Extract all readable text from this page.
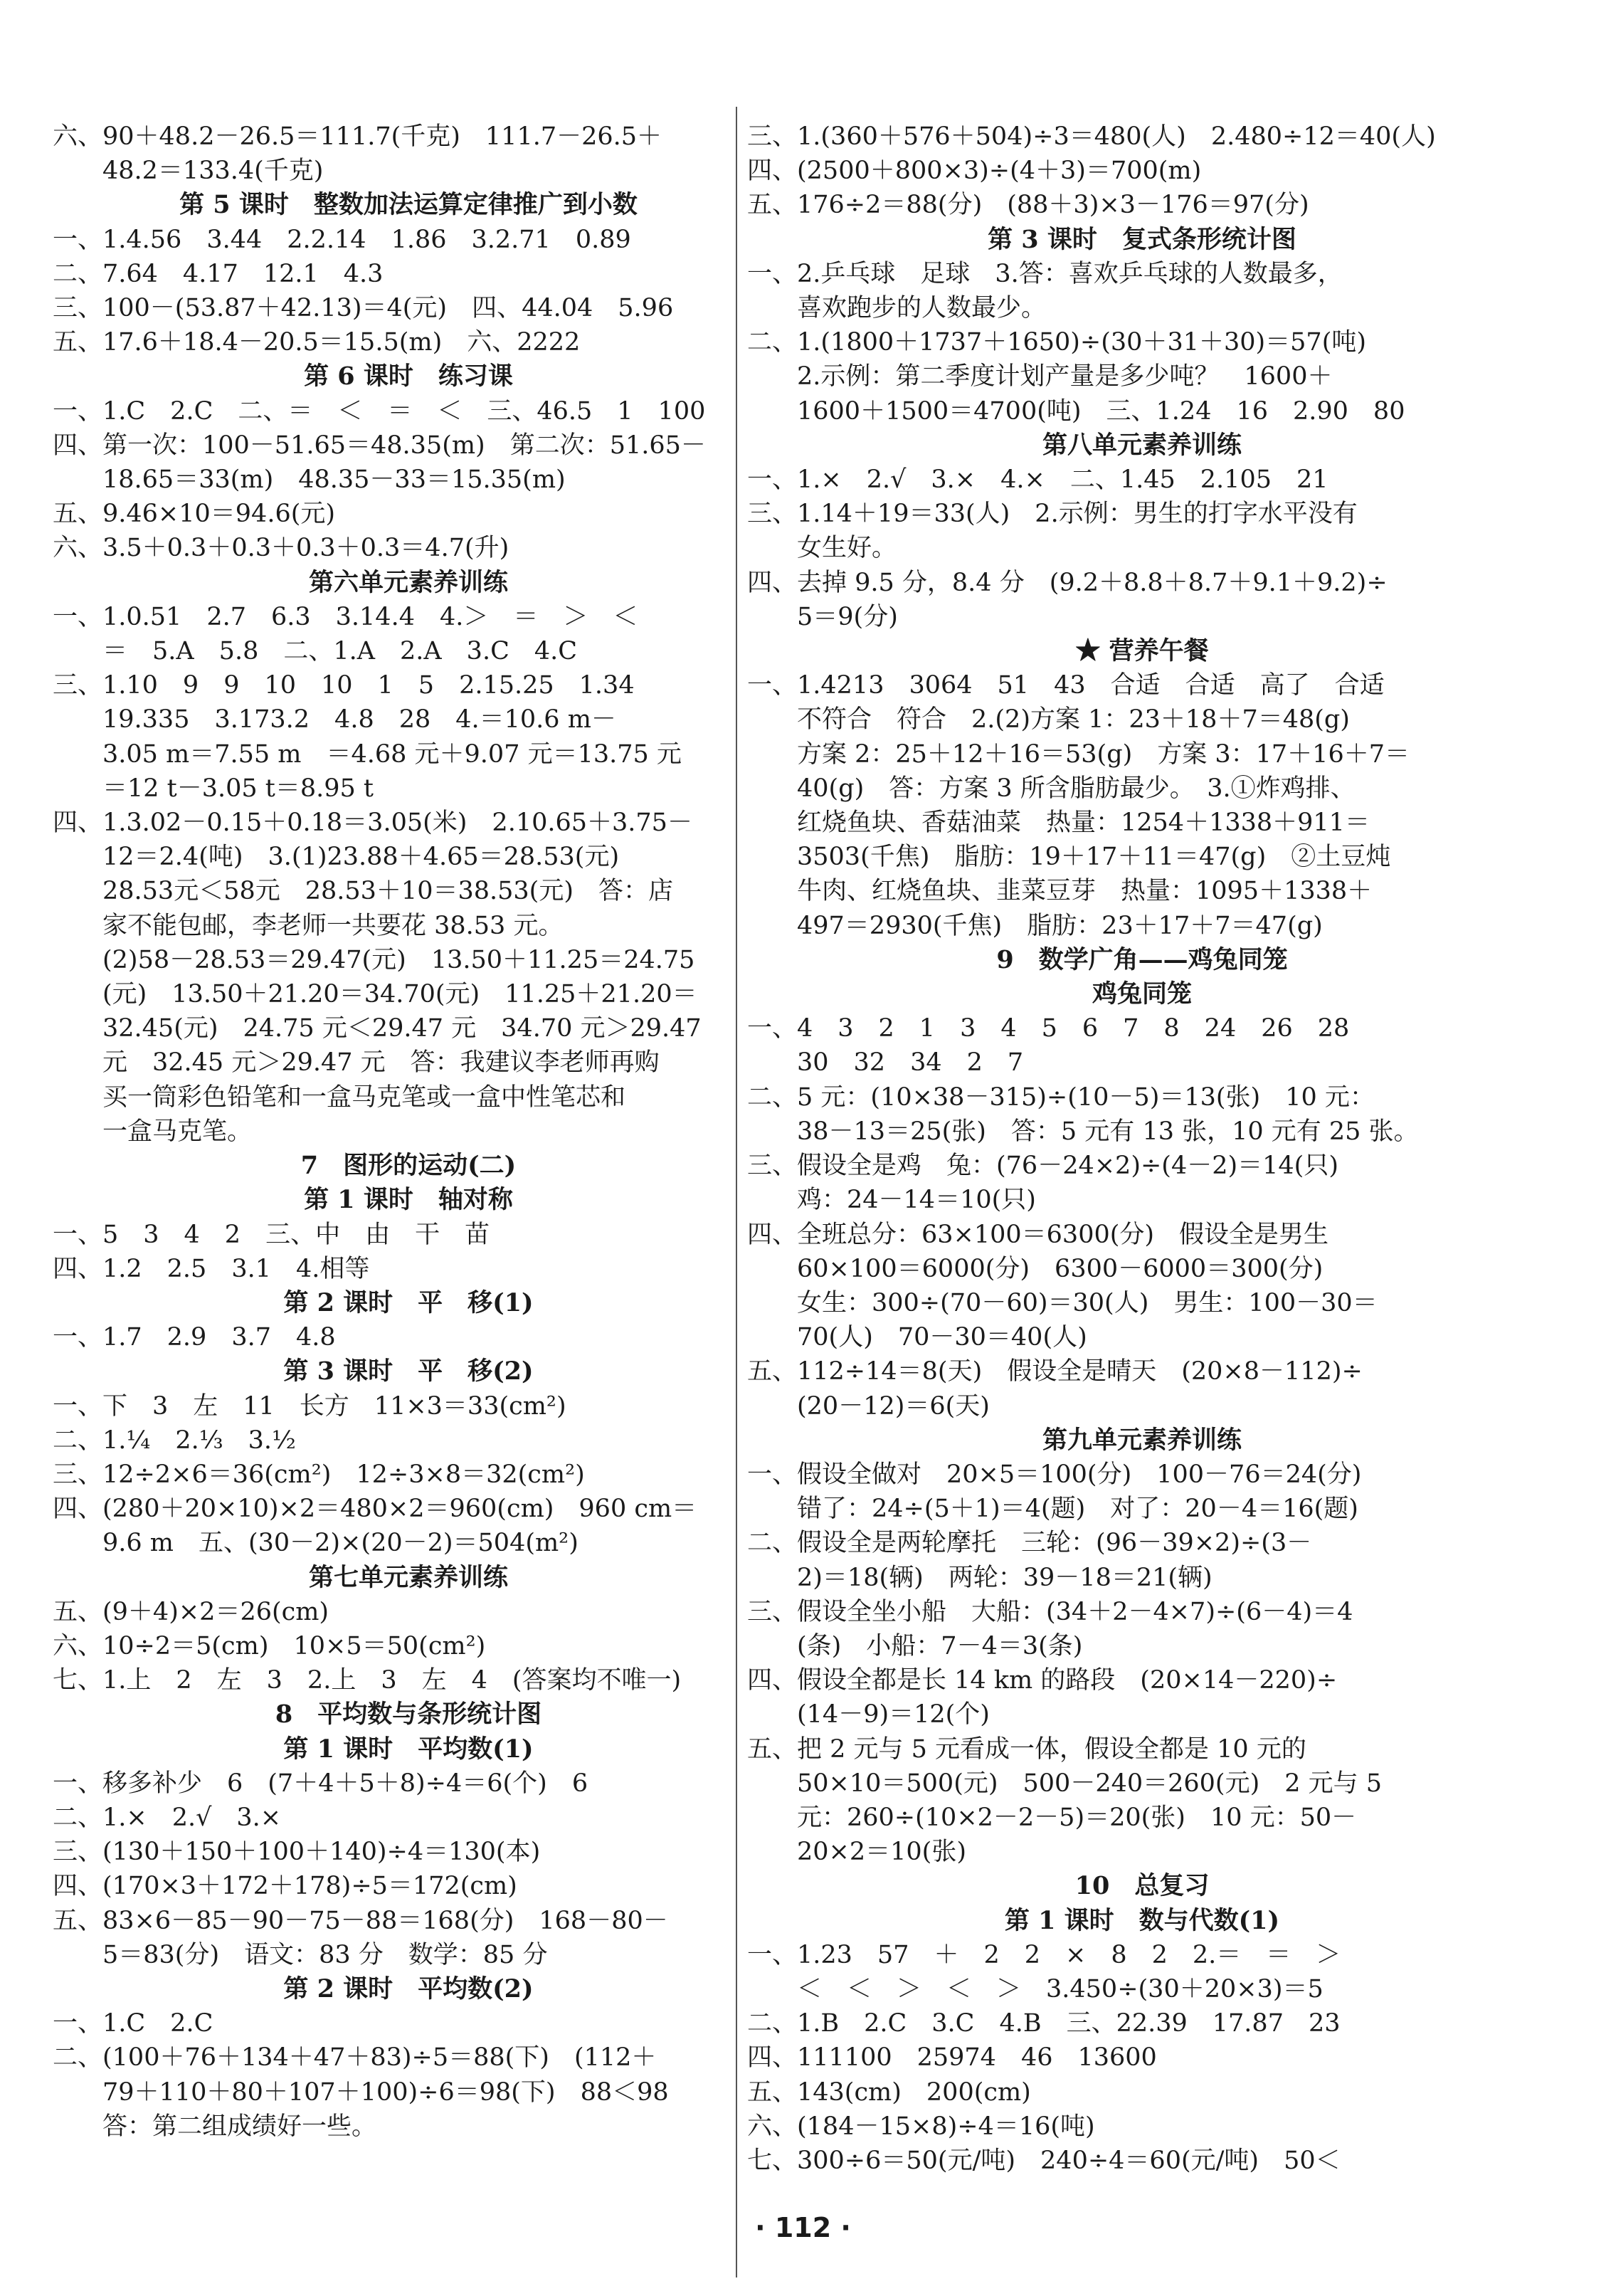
六、90＋48.2－26.5＝111.7(千克)　111.7－26.5＋
48.2＝133.4(千克)
第 5 课时　整数加法运算定律推广到小数
一、1.4.56　3.44　2.2.14　1.86　3.2.71　0.89
二、7.64　4.17　12.1　4.3
三、100－(53.87＋42.13)＝4(元)　四、44.04　5.96
五、17.6＋18.4－20.5＝15.5(m)　六、2222
第 6 课时　练习课
一、1.C　2.C　二、＝　＜　＝　＜　三、46.5　1　100
四、第一次：100－51.65＝48.35(m)　第二次：51.65－
18.65＝33(m)　48.35－33＝15.35(m)
五、9.46×10＝94.6(元)
六、3.5＋0.3＋0.3＋0.3＋0.3＝4.7(升)
第六单元素养训练
一、1.0.51　2.7　6.3　3.14.4　4.＞　＝　＞　＜
＝　5.A　5.8　二、1.A　2.A　3.C　4.C
三、1.10　9　9　10　10　1　5　2.15.25　1.34
19.335　3.173.2　4.8　28　4.＝10.6 m－
3.05 m＝7.55 m　＝4.68 元＋9.07 元＝13.75 元
＝12 t－3.05 t＝8.95 t
四、1.3.02－0.15＋0.18＝3.05(米)　2.10.65＋3.75－
12＝2.4(吨)　3.(1)23.88＋4.65＝28.53(元)
28.53元＜58元　28.53＋10＝38.53(元)　答：店
家不能包邮，李老师一共要花 38.53 元。
(2)58－28.53＝29.47(元)　13.50＋11.25＝24.75
(元)　13.50＋21.20＝34.70(元)　11.25＋21.20＝
32.45(元)　24.75 元＜29.47 元　34.70 元＞29.47
元　32.45 元＞29.47 元　答：我建议李老师再购
买一筒彩色铅笔和一盒马克笔或一盒中性笔芯和
一盒马克笔。
7　图形的运动(二)
第 1 课时　轴对称
一、5　3　4　2　三、中　由　干　苗
四、1.2　2.5　3.1　4.相等
第 2 课时　平　移(1)
一、1.7　2.9　3.7　4.8
第 3 课时　平　移(2)
一、下　3　左　11　长方　11×3＝33(cm²)
二、1.¼　2.⅓　3.½
三、12÷2×6＝36(cm²)　12÷3×8＝32(cm²)
四、(280＋20×10)×2＝480×2＝960(cm)　960 cm＝
9.6 m　五、(30－2)×(20－2)＝504(m²)
第七单元素养训练
五、(9＋4)×2＝26(cm)
六、10÷2＝5(cm)　10×5＝50(cm²)
七、1.上　2　左　3　2.上　3　左　4　(答案均不唯一)
8　平均数与条形统计图
第 1 课时　平均数(1)
一、移多补少　6　(7＋4＋5＋8)÷4＝6(个)　6
二、1.×　2.√　3.×
三、(130＋150＋100＋140)÷4＝130(本)
四、(170×3＋172＋178)÷5＝172(cm)
五、83×6－85－90－75－88＝168(分)　168－80－
5＝83(分)　语文：83 分　数学：85 分
第 2 课时　平均数(2)
一、1.C　2.C
二、(100＋76＋134＋47＋83)÷5＝88(下)　(112＋
79＋110＋80＋107＋100)÷6＝98(下)　88＜98
答：第二组成绩好一些。
三、1.(360＋576＋504)÷3＝480(人)　2.480÷12＝40(人)
四、(2500＋800×3)÷(4＋3)＝700(m)
五、176÷2＝88(分)　(88＋3)×3－176＝97(分)
第 3 课时　复式条形统计图
一、2.乒乓球　足球　3.答：喜欢乒乓球的人数最多，
喜欢跑步的人数最少。
二、1.(1800＋1737＋1650)÷(30＋31＋30)＝57(吨)
2.示例：第二季度计划产量是多少吨？　1600＋
1600＋1500＝4700(吨)　三、1.24　16　2.90　80
第八单元素养训练
一、1.×　2.√　3.×　4.×　二、1.45　2.105　21
三、1.14＋19＝33(人)　2.示例：男生的打字水平没有
女生好。
四、去掉 9.5 分，8.4 分　(9.2＋8.8＋8.7＋9.1＋9.2)÷
5＝9(分)
★ 营养午餐
一、1.4213　3064　51　43　合适　合适　高了　合适
不符合　符合　2.(2)方案 1：23＋18＋7＝48(g)
方案 2：25＋12＋16＝53(g)　方案 3：17＋16＋7＝
40(g)　答：方案 3 所含脂肪最少。　3.①炸鸡排、
红烧鱼块、香菇油菜　热量：1254＋1338＋911＝
3503(千焦)　脂肪：19＋17＋11＝47(g)　②土豆炖
牛肉、红烧鱼块、韭菜豆芽　热量：1095＋1338＋
497＝2930(千焦)　脂肪：23＋17＋7＝47(g)
9　数学广角——鸡兔同笼
鸡兔同笼
一、4　3　2　1　3　4　5　6　7　8　24　26　28
30　32　34　2　7
二、5 元：(10×38－315)÷(10－5)＝13(张)　10 元：
38－13＝25(张)　答：5 元有 13 张，10 元有 25 张。
三、假设全是鸡　兔：(76－24×2)÷(4－2)＝14(只)
鸡：24－14＝10(只)
四、全班总分：63×100＝6300(分)　假设全是男生
60×100＝6000(分)　6300－6000＝300(分)
女生：300÷(70－60)＝30(人)　男生：100－30＝
70(人)　70－30＝40(人)
五、112÷14＝8(天)　假设全是晴天　(20×8－112)÷
(20－12)＝6(天)
第九单元素养训练
一、假设全做对　20×5＝100(分)　100－76＝24(分)
错了：24÷(5＋1)＝4(题)　对了：20－4＝16(题)
二、假设全是两轮摩托　三轮：(96－39×2)÷(3－
2)＝18(辆)　两轮：39－18＝21(辆)
三、假设全坐小船　大船：(34＋2－4×7)÷(6－4)＝4
(条)　小船：7－4＝3(条)
四、假设全都是长 14 km 的路段　(20×14－220)÷
(14－9)＝12(个)
五、把 2 元与 5 元看成一体，假设全都是 10 元的
50×10＝500(元)　500－240＝260(元)　2 元与 5
元：260÷(10×2－2－5)＝20(张)　10 元：50－
20×2＝10(张)
10　总复习
第 1 课时　数与代数(1)
一、1.23　57　＋　2　2　×　8　2　2.＝　＝　＞
＜　＜　＞　＜　＞　3.450÷(30＋20×3)＝5
二、1.B　2.C　3.C　4.B　三、22.39　17.87　23
四、111100　25974　46　13600
五、143(cm)　200(cm)
六、(184－15×8)÷4＝16(吨)
七、300÷6＝50(元/吨)　240÷4＝60(元/吨)　50＜
· 112 ·
